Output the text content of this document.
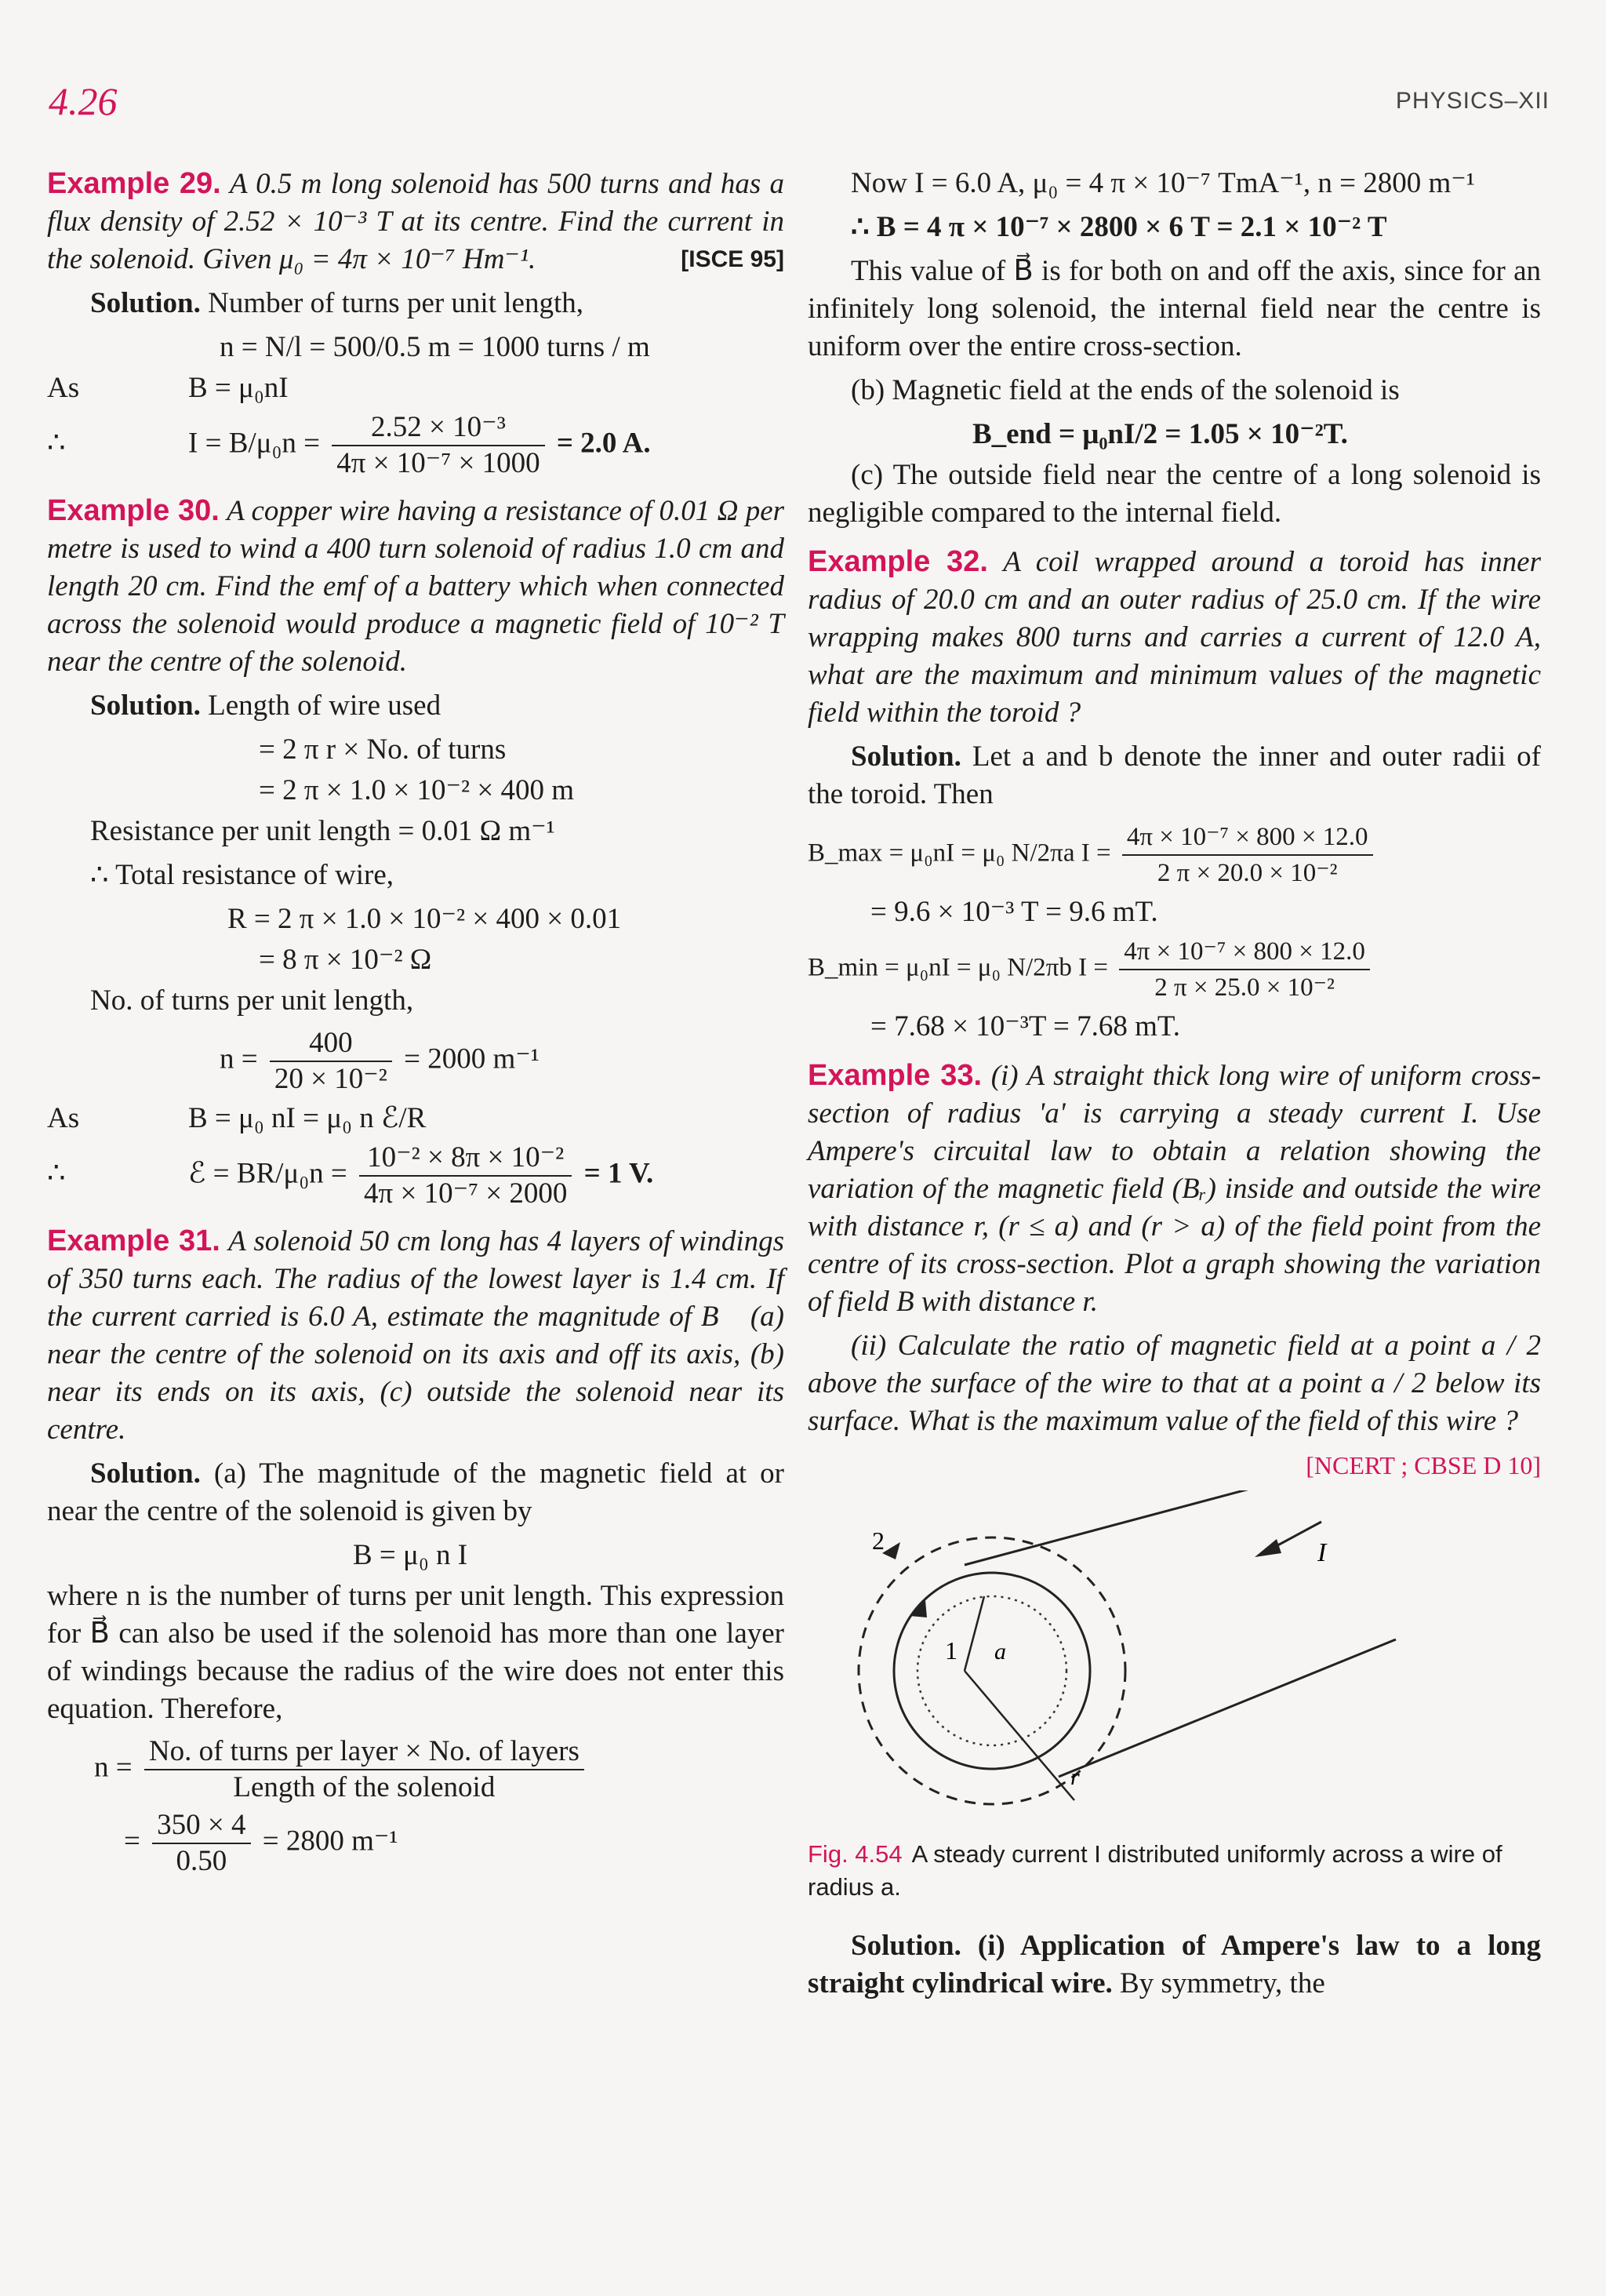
4.26	PHYSICS–XII

Example 29. A 0.5 m long solenoid has 500 turns and has a flux density of 2.52 × 10⁻³ T at its centre. Find the current in the solenoid. Given μ₀ = 4π × 10⁻⁷ Hm⁻¹.	[ISCE 95]

Solution. Number of turns per unit length,

n = N/l = 500/0.5 m = 1000 turns / m
As	B = μ₀nI
∴	$I = B/\mu_0n = \frac{\text{2.52 × 10⁻³}}{\text{4π × 10⁻⁷ × 1000}} = 2.0$ A.

Example 30. A copper wire having a resistance of 0.01 Ω per metre is used to wind a 400 turn solenoid of radius 1.0 cm and length 20 cm. Find the emf of a battery which when connected across the solenoid would produce a magnetic field of 10⁻² T near the centre of the solenoid.

Solution. Length of wire used

= 2 π r × No. of turns
= 2 π × 1.0 × 10⁻² × 400 m

Resistance per unit length = 0.01 Ω m⁻¹

∴ Total resistance of wire,

R = 2 π × 1.0 × 10⁻² × 400 × 0.01
= 8 π × 10⁻² Ω

No. of turns per unit length,

$n = \frac{400}{\text{20 × 10⁻²}} = 2000$ m⁻¹
As	B = μ₀ nI = μ₀ n ℰ/R
∴	ℰ = $BR/\mu_0n = \frac{\text{10⁻² × 8π × 10⁻²}}{\text{4π × 10⁻⁷ × 2000}} = 1$ V.

Example 31. A solenoid 50 cm long has 4 layers of windings of 350 turns each. The radius of the lowest layer is 1.4 cm. If the current carried is 6.0 A, estimate the magnitude of B⃗ (a) near the centre of the solenoid on its axis and off its axis, (b) near its ends on its axis, (c) outside the solenoid near its centre.

Solution. (a) The magnitude of the magnetic field at or near the centre of the solenoid is given by

B = μ₀ n I

where n is the number of turns per unit length. This expression for B⃗ can also be used if the solenoid has more than one layer of windings because the radius of the wire does not enter this equation. Therefore,

n = No. of turns per layer × No. of layers
Length of the solenoid
= $\frac{350 \times 4}{0.50} = 2800$ m⁻¹

Now I = 6.0 A, μ₀ = 4 π × 10⁻⁷ TmA⁻¹, n = 2800 m⁻¹

∴ B = 4 π × 10⁻⁷ × 2800 × 6 T = 2.1 × 10⁻² T

This value of B⃗ is for both on and off the axis, since for an infinitely long solenoid, the internal field near the centre is uniform over the entire cross-section.

(b) Magnetic field at the ends of the solenoid is

B_end = μ₀nI/2 = 1.05 × 10⁻²T.

(c) The outside field near the centre of a long solenoid is negligible compared to the internal field.

Example 32. A coil wrapped around a toroid has inner radius of 20.0 cm and an outer radius of 25.0 cm. If the wire wrapping makes 800 turns and carries a current of 12.0 A, what are the maximum and minimum values of the magnetic field within the toroid ?

Solution. Let a and b denote the inner and outer radii of the toroid. Then

B_max = μ₀nI = μ₀ N/2πa $I = \frac{\text{4π × 10⁻⁷ × 800 × 12.0}}{\text{2 π × 20.0 × 10⁻²}}$
= 9.6 × 10⁻³ T = 9.6 mT.
B_min = μ₀nI = μ₀ N/2πb $I = \frac{\text{4π × 10⁻⁷ × 800 × 12.0}}{\text{2 π × 25.0 × 10⁻²}}$
= 7.68 × 10⁻³T = 7.68 mT.

Example 33. (i) A straight thick long wire of uniform cross-section of radius 'a' is carrying a steady current I. Use Ampere's circuital law to obtain a relation showing the variation of the magnetic field (Bᵣ) inside and outside the wire with distance r, (r ≤ a) and (r > a) of the field point from the centre of its cross-section. Plot a graph showing the variation of field B with distance r.

(ii) Calculate the ratio of magnetic field at a point a / 2 above the surface of the wire to that at a point a / 2 below its surface. What is the maximum value of the field of this wire ?

[NCERT ; CBSE D 10]

1
2
a
r
I
Fig. 4.54 A steady current I distributed uniformly across a wire of radius a.

Solution. (i) Application of Ampere's law to a long straight cylindrical wire. By symmetry, the
